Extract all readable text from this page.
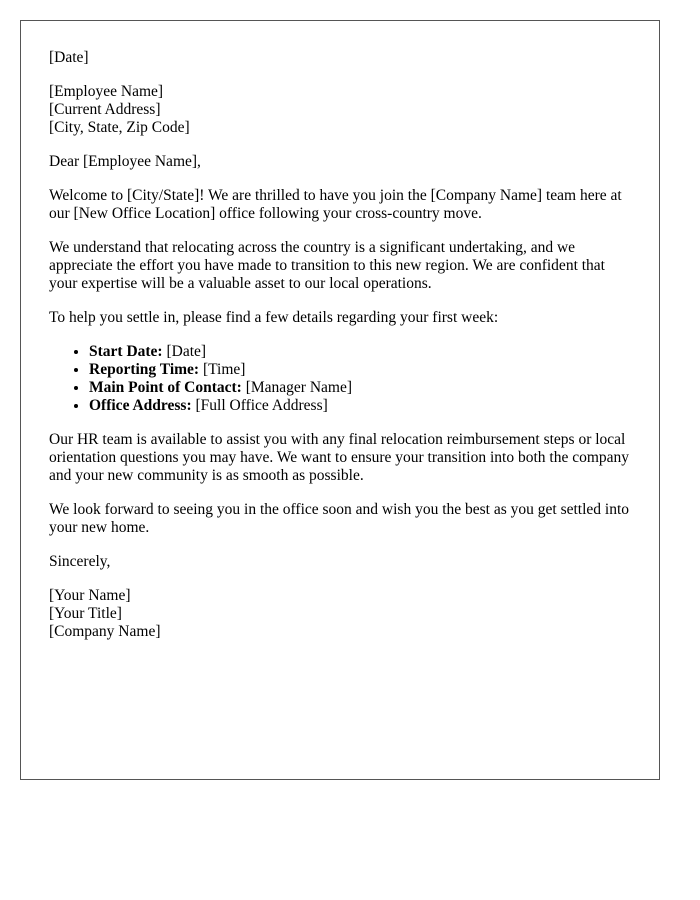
[Date]

[Employee Name]
[Current Address]
[City, State, Zip Code]

Dear [Employee Name],

Welcome to [City/State]! We are thrilled to have you join the [Company Name] team here at our [New Office Location] office following your cross-country move.

We understand that relocating across the country is a significant undertaking, and we appreciate the effort you have made to transition to this new region. We are confident that your expertise will be a valuable asset to our local operations.

To help you settle in, please find a few details regarding your first week:

• Start Date: [Date]
• Reporting Time: [Time]
• Main Point of Contact: [Manager Name]
• Office Address: [Full Office Address]

Our HR team is available to assist you with any final relocation reimbursement steps or local orientation questions you may have. We want to ensure your transition into both the company and your new community is as smooth as possible.

We look forward to seeing you in the office soon and wish you the best as you get settled into your new home.

Sincerely,

[Your Name]
[Your Title]
[Company Name]
